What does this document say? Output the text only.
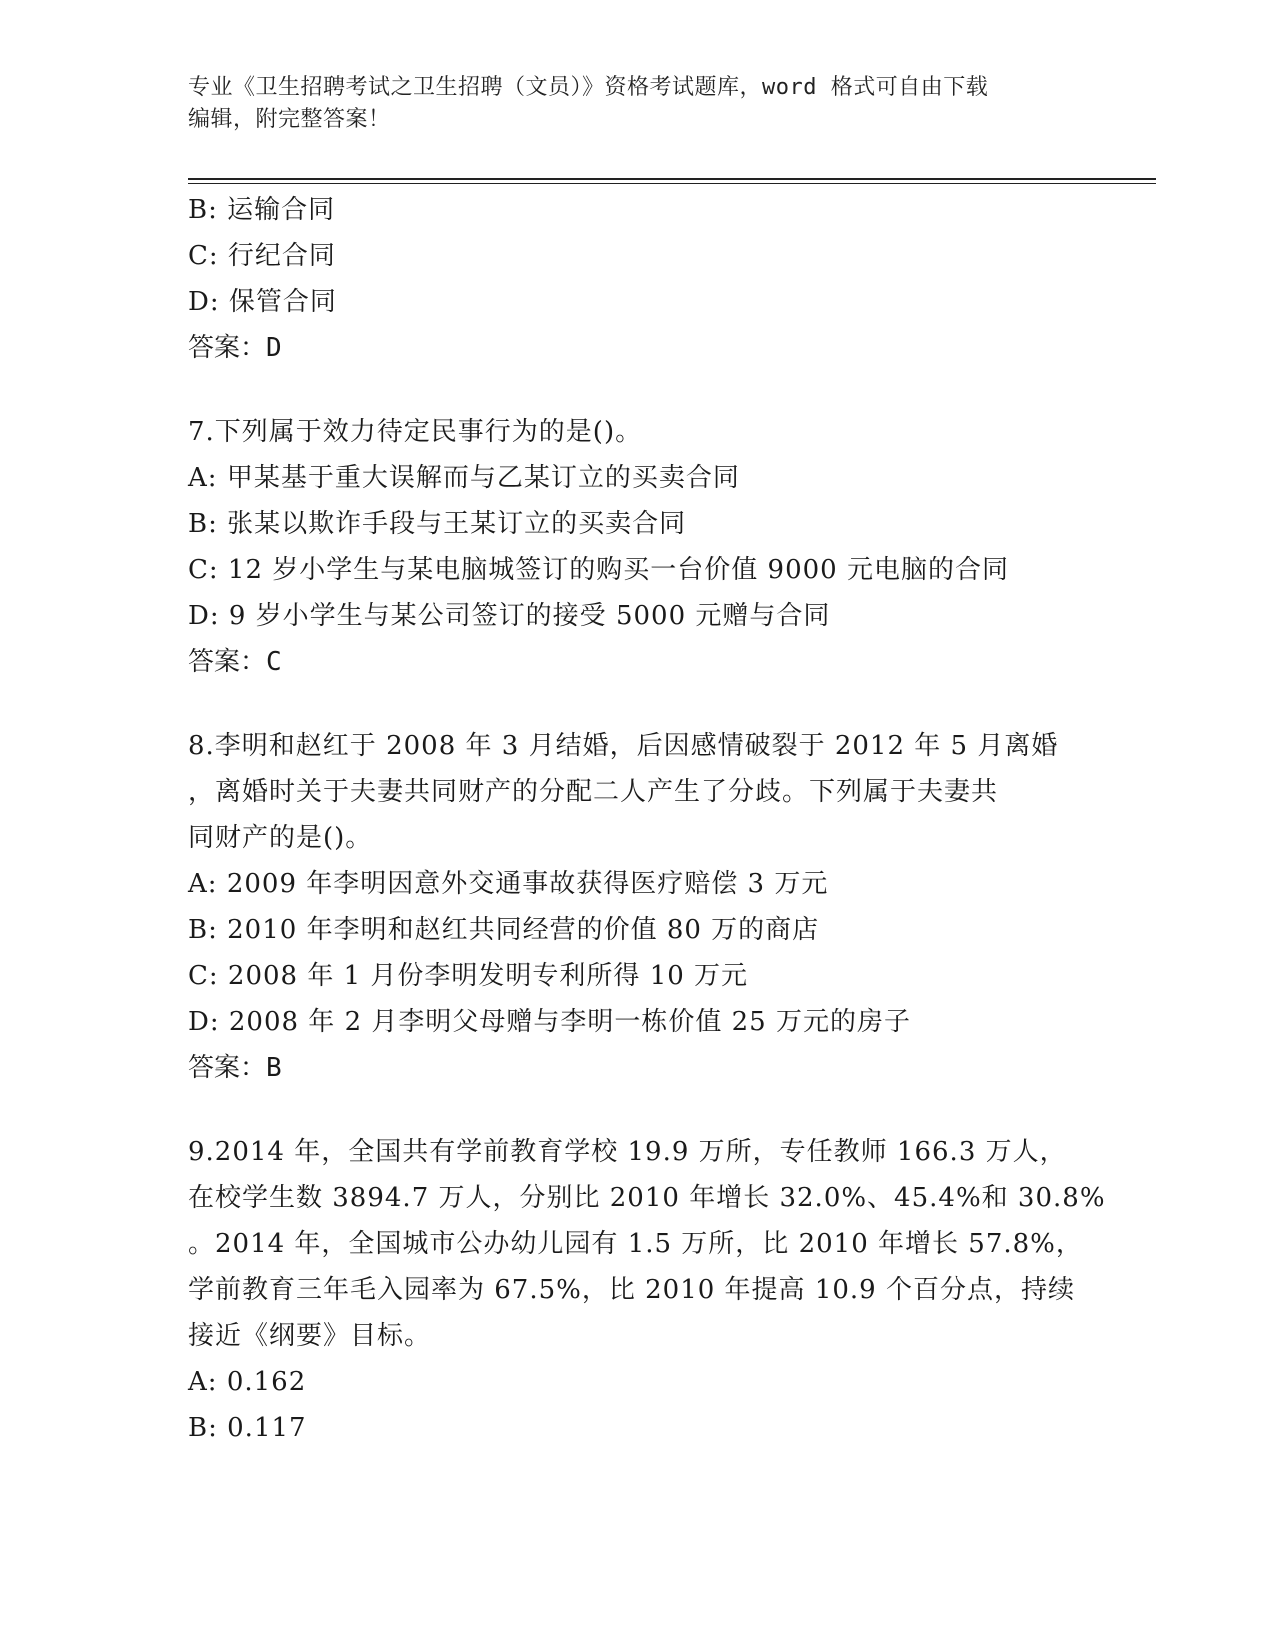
专业《卫生招聘考试之卫生招聘（文员）》资格考试题库，word 格式可自由下载
编辑，附完整答案！
B: 运输合同
C: 行纪合同
D: 保管合同
答案：D
7.下列属于效力待定民事行为的是()。
A: 甲某基于重大误解而与乙某订立的买卖合同
B: 张某以欺诈手段与王某订立的买卖合同
C: 12 岁小学生与某电脑城签订的购买一台价值 9000 元电脑的合同
D: 9 岁小学生与某公司签订的接受 5000 元赠与合同
答案：C
8.李明和赵红于 2008 年 3 月结婚，后因感情破裂于 2012 年 5 月离婚
，离婚时关于夫妻共同财产的分配二人产生了分歧。下列属于夫妻共
同财产的是()。
A: 2009 年李明因意外交通事故获得医疗赔偿 3 万元
B: 2010 年李明和赵红共同经营的价值 80 万的商店
C: 2008 年 1 月份李明发明专利所得 10 万元
D: 2008 年 2 月李明父母赠与李明一栋价值 25 万元的房子
答案：B
9.2014 年，全国共有学前教育学校 19.9 万所，专任教师 166.3 万人，
在校学生数 3894.7 万人，分别比 2010 年增长 32.0%、45.4%和 30.8%
。2014 年，全国城市公办幼儿园有 1.5 万所，比 2010 年增长 57.8%，
学前教育三年毛入园率为 67.5%，比 2010 年提高 10.9 个百分点，持续
接近《纲要》目标。
A: 0.162
B: 0.117
